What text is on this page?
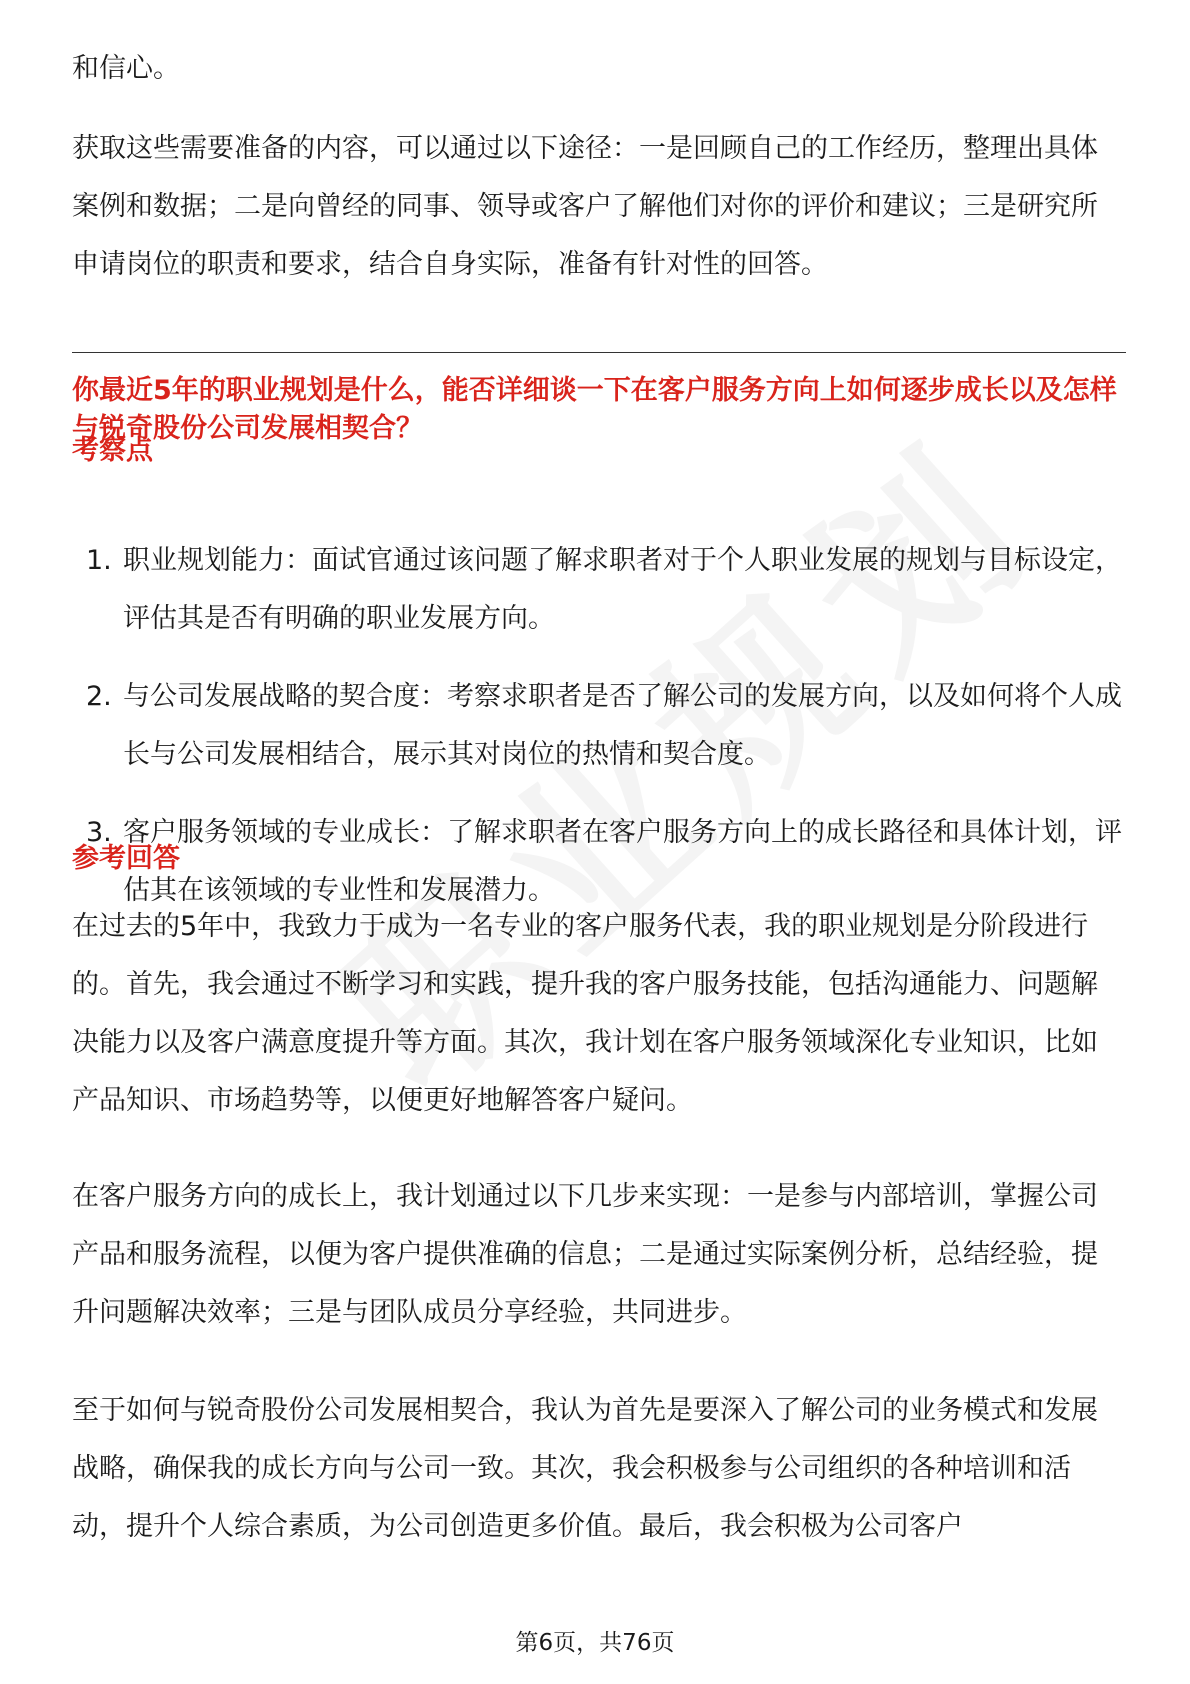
和信心。

获取这些需要准备的内容，可以通过以下途径：一是回顾自己的工作经历，整理出具体案例和数据；二是向曾经的同事、领导或客户了解他们对你的评价和建议；三是研究所申请岗位的职责和要求，结合自身实际，准备有针对性的回答。

你最近5年的职业规划是什么，能否详细谈一下在客户服务方向上如何逐步成长以及怎样与锐奇股份公司发展相契合？

考察点

1. 职业规划能力：面试官通过该问题了解求职者对于个人职业发展的规划与目标设定，评估其是否有明确的职业发展方向。
2. 与公司发展战略的契合度：考察求职者是否了解公司的发展方向，以及如何将个人成长与公司发展相结合，展示其对岗位的热情和契合度。
3. 客户服务领域的专业成长：了解求职者在客户服务方向上的成长路径和具体计划，评估其在该领域的专业性和发展潜力。

参考回答

在过去的5年中，我致力于成为一名专业的客户服务代表，我的职业规划是分阶段进行的。首先，我会通过不断学习和实践，提升我的客户服务技能，包括沟通能力、问题解决能力以及客户满意度提升等方面。其次，我计划在客户服务领域深化专业知识，比如产品知识、市场趋势等，以便更好地解答客户疑问。

在客户服务方向的成长上，我计划通过以下几步来实现：一是参与内部培训，掌握公司产品和服务流程，以便为客户提供准确的信息；二是通过实际案例分析，总结经验，提升问题解决效率；三是与团队成员分享经验，共同进步。

至于如何与锐奇股份公司发展相契合，我认为首先是要深入了解公司的业务模式和发展战略，确保我的成长方向与公司一致。其次，我会积极参与公司组织的各种培训和活动，提升个人综合素质，为公司创造更多价值。最后，我会积极为公司客户

第6页，共76页
